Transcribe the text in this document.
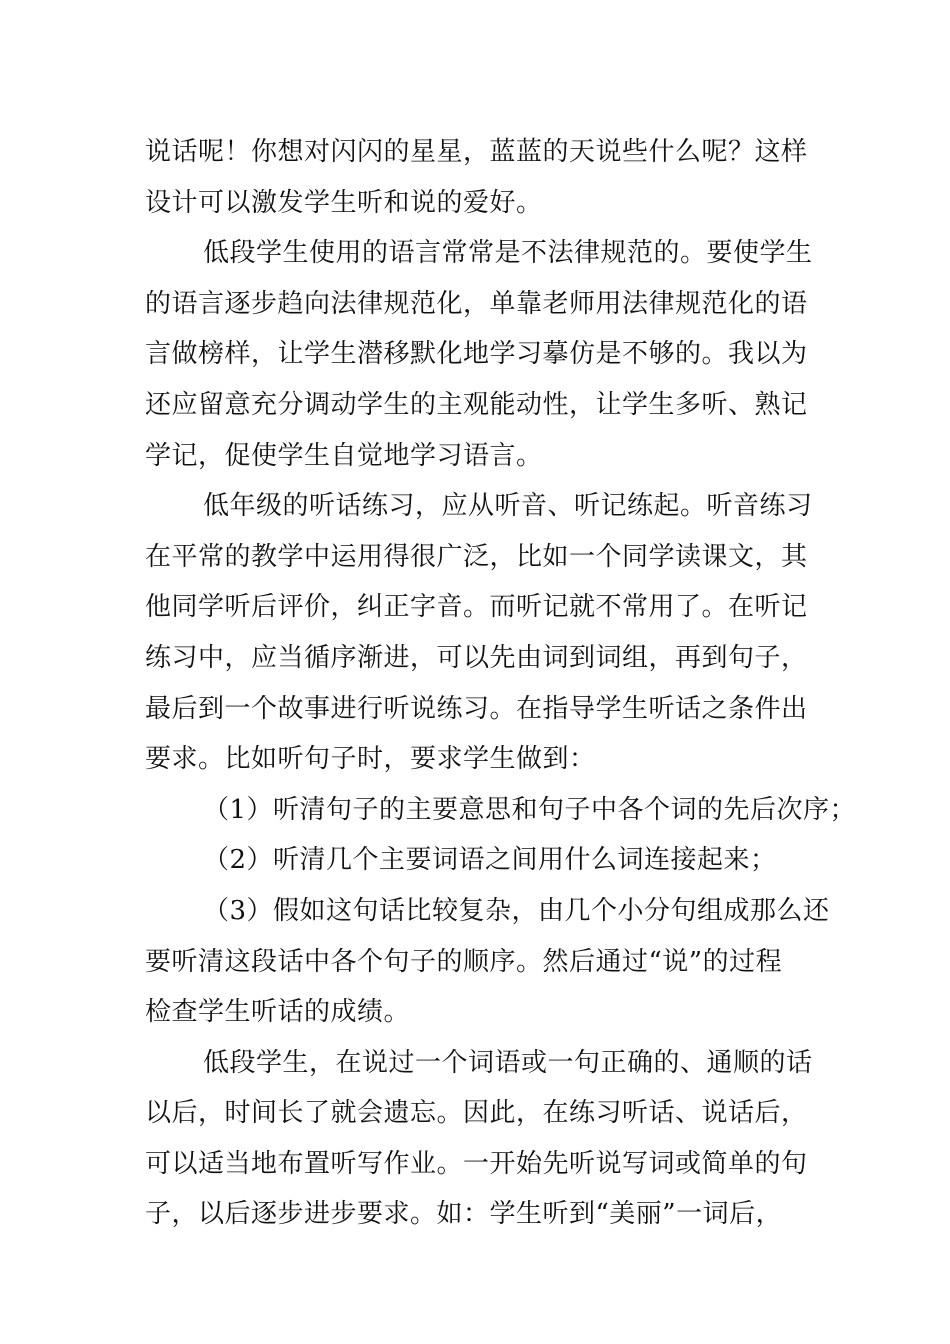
说话呢！你想对闪闪的星星，蓝蓝的天说些什么呢？这样
设计可以激发学生听和说的爱好。
低段学生使用的语言常常是不法律规范的。要使学生
的语言逐步趋向法律规范化，单靠老师用法律规范化的语
言做榜样，让学生潜移默化地学习摹仿是不够的。我以为
还应留意充分调动学生的主观能动性，让学生多听、熟记
学记，促使学生自觉地学习语言。
低年级的听话练习，应从听音、听记练起。听音练习
在平常的教学中运用得很广泛，比如一个同学读课文，其
他同学听后评价，纠正字音。而听记就不常用了。在听记
练习中，应当循序渐进，可以先由词到词组，再到句子，
最后到一个故事进行听说练习。在指导学生听话之条件出
要求。比如听句子时，要求学生做到：
（1）听清句子的主要意思和句子中各个词的先后次序；
（2）听清几个主要词语之间用什么词连接起来；
（3）假如这句话比较复杂，由几个小分句组成那么还
要听清这段话中各个句子的顺序。然后通过“说”的过程
检查学生听话的成绩。
低段学生，在说过一个词语或一句正确的、通顺的话
以后，时间长了就会遗忘。因此，在练习听话、说话后，
可以适当地布置听写作业。一开始先听说写词或简单的句
子，以后逐步进步要求。如：学生听到“美丽”一词后，
